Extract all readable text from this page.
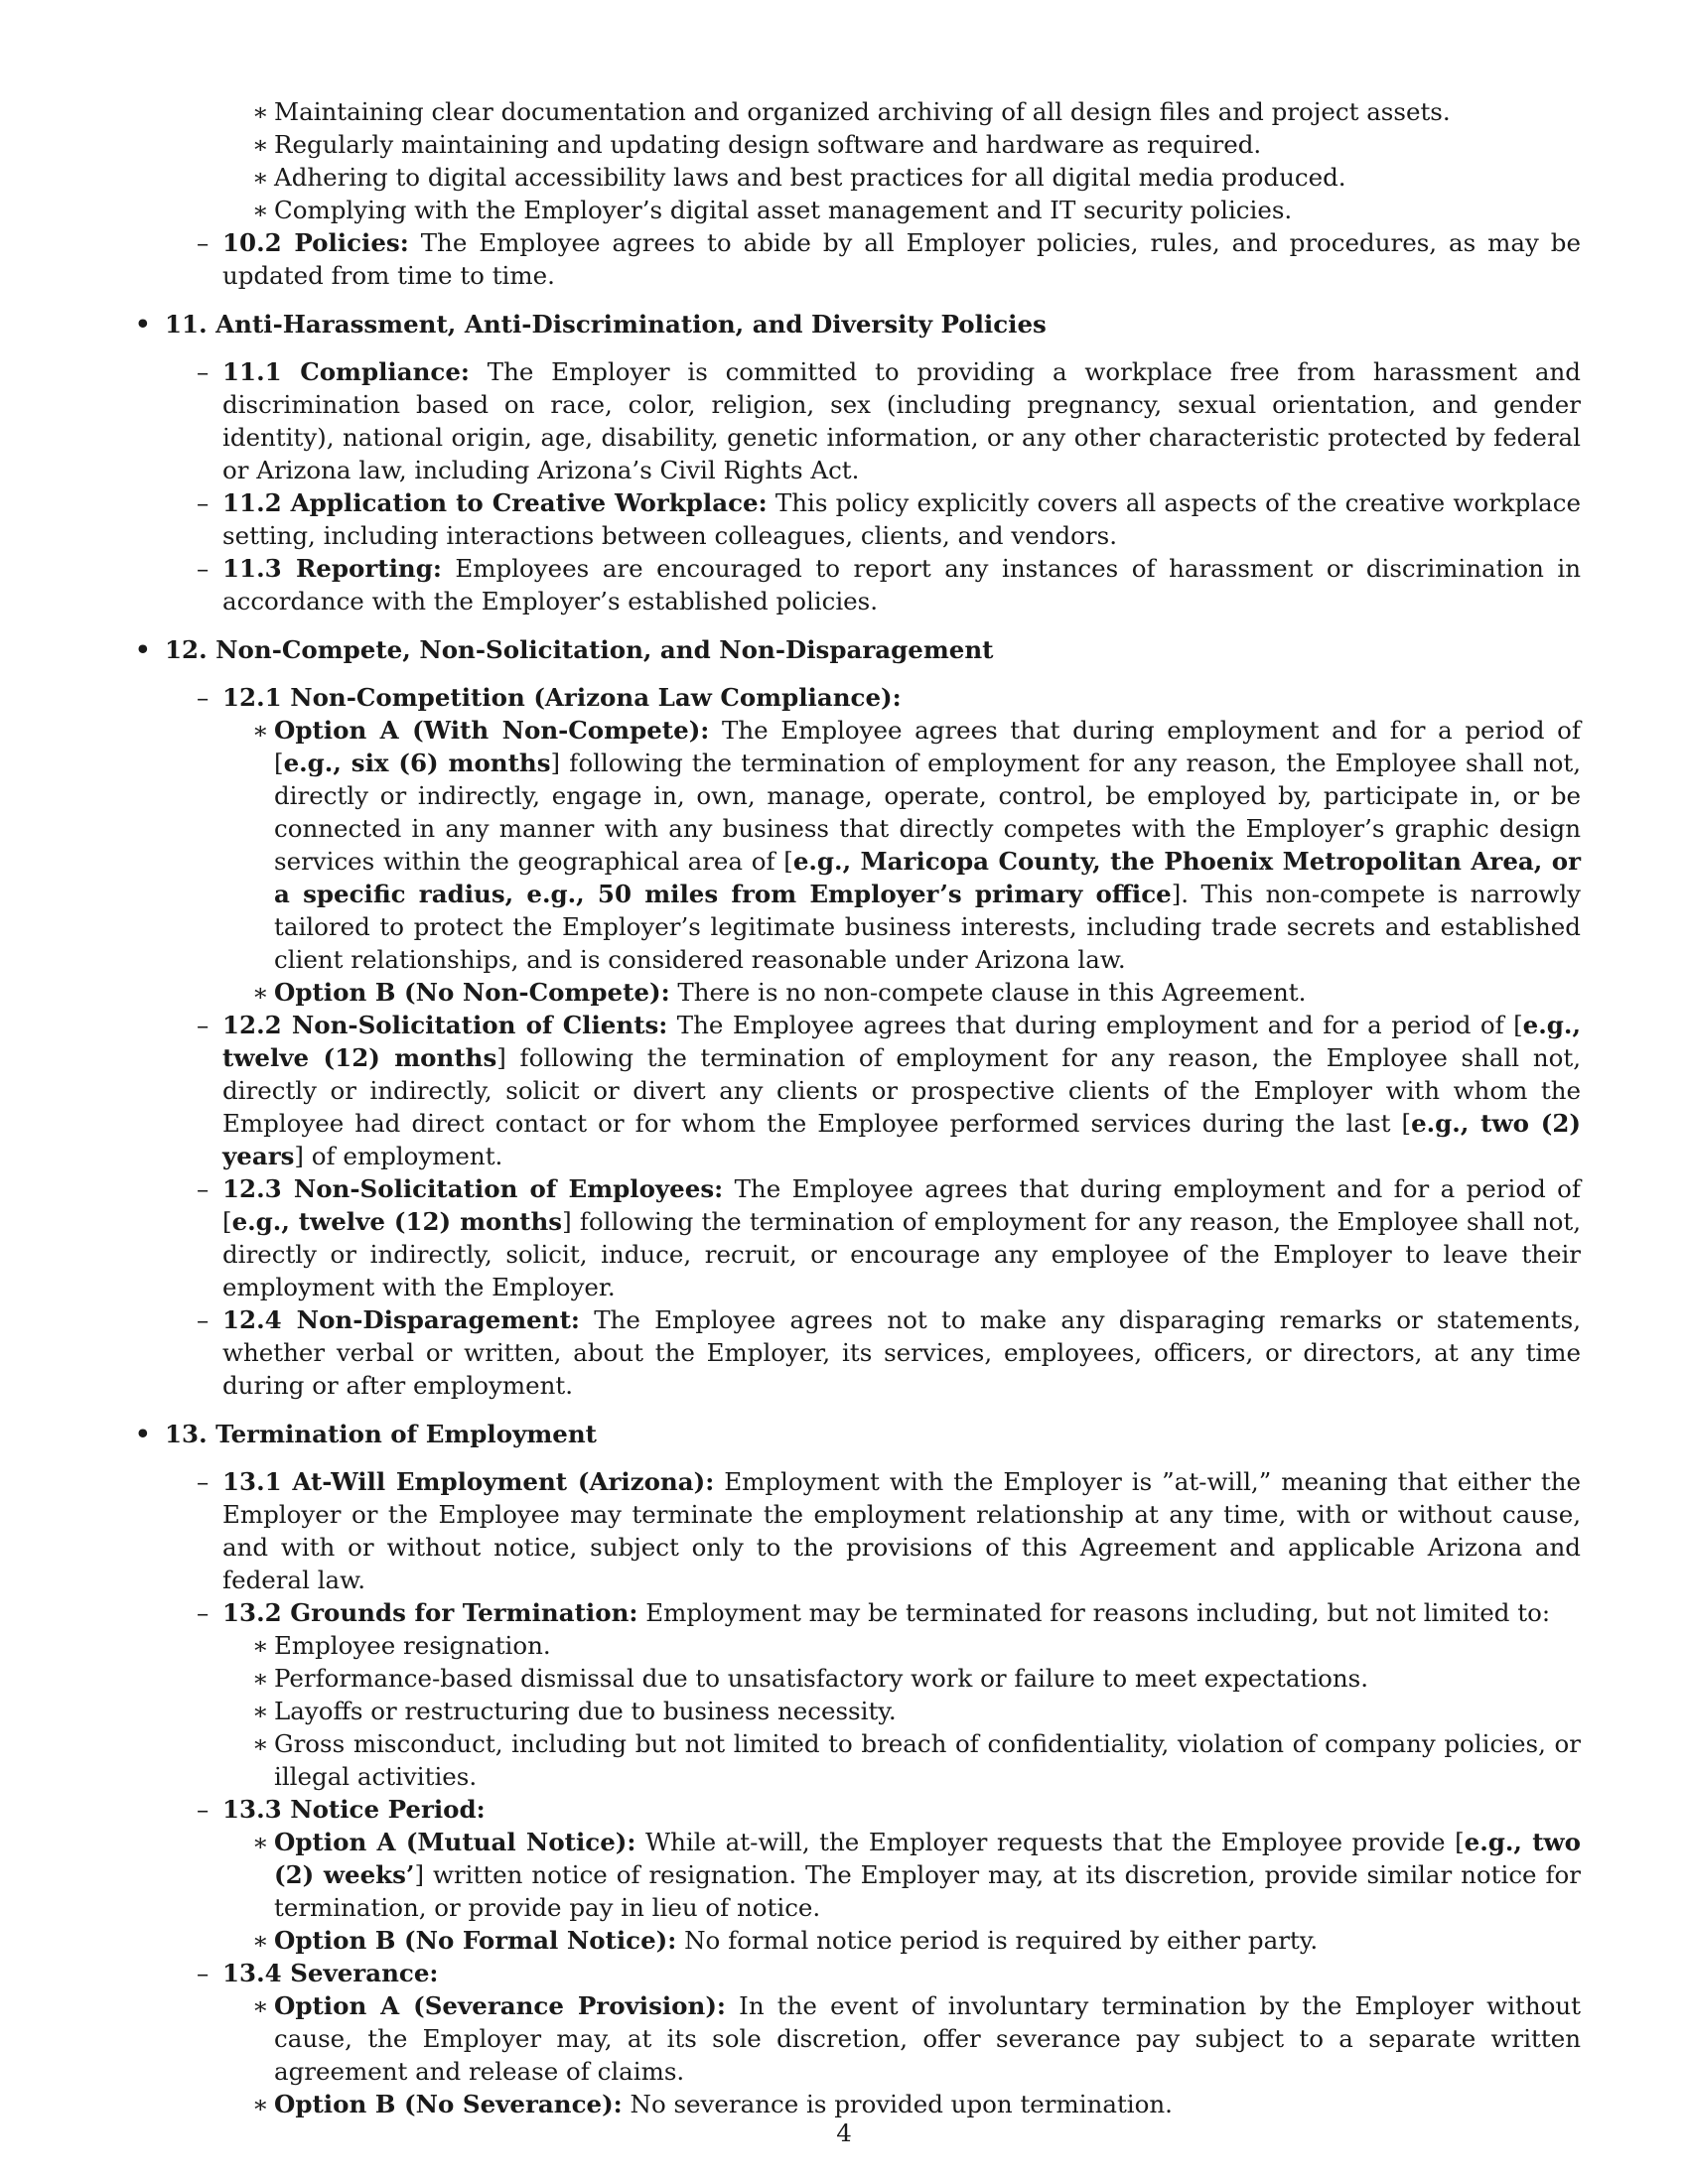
∗ Maintaining clear documentation and organized archiving of all design files and project assets.
∗ Regularly maintaining and updating design software and hardware as required.
∗ Adhering to digital accessibility laws and best practices for all digital media produced.
∗ Complying with the Employer’s digital asset management and IT security policies.
– 10.2 Policies: The Employee agrees to abide by all Employer policies, rules, and procedures, as may be updated from time to time.
• 11. Anti-Harassment, Anti-Discrimination, and Diversity Policies
– 11.1 Compliance: The Employer is committed to providing a workplace free from harassment and discrimination based on race, color, religion, sex (including pregnancy, sexual orientation, and gender identity), national origin, age, disability, genetic information, or any other characteristic protected by federal or Arizona law, including Arizona’s Civil Rights Act.
– 11.2 Application to Creative Workplace: This policy explicitly covers all aspects of the creative workplace setting, including interactions between colleagues, clients, and vendors.
– 11.3 Reporting: Employees are encouraged to report any instances of harassment or discrimination in accordance with the Employer’s established policies.
• 12. Non-Compete, Non-Solicitation, and Non-Disparagement
– 12.1 Non-Competition (Arizona Law Compliance):
∗ Option A (With Non-Compete): The Employee agrees that during employment and for a period of [e.g., six (6) months] following the termination of employment for any reason, the Employee shall not, directly or indirectly, engage in, own, manage, operate, control, be employed by, participate in, or be connected in any manner with any business that directly competes with the Employer’s graphic design services within the geographical area of [e.g., Maricopa County, the Phoenix Metropolitan Area, or a specific radius, e.g., 50 miles from Employer’s primary office]. This non-compete is narrowly tailored to protect the Employer’s legitimate business interests, including trade secrets and established client relationships, and is considered reasonable under Arizona law.
∗ Option B (No Non-Compete): There is no non-compete clause in this Agreement.
– 12.2 Non-Solicitation of Clients: The Employee agrees that during employment and for a period of [e.g., twelve (12) months] following the termination of employment for any reason, the Employee shall not, directly or indirectly, solicit or divert any clients or prospective clients of the Employer with whom the Employee had direct contact or for whom the Employee performed services during the last [e.g., two (2) years] of employment.
– 12.3 Non-Solicitation of Employees: The Employee agrees that during employment and for a period of [e.g., twelve (12) months] following the termination of employment for any reason, the Employee shall not, directly or indirectly, solicit, induce, recruit, or encourage any employee of the Employer to leave their employment with the Employer.
– 12.4 Non-Disparagement: The Employee agrees not to make any disparaging remarks or statements, whether verbal or written, about the Employer, its services, employees, officers, or directors, at any time during or after employment.
• 13. Termination of Employment
– 13.1 At-Will Employment (Arizona): Employment with the Employer is ”at-will,” meaning that either the Employer or the Employee may terminate the employment relationship at any time, with or without cause, and with or without notice, subject only to the provisions of this Agreement and applicable Arizona and federal law.
– 13.2 Grounds for Termination: Employment may be terminated for reasons including, but not limited to:
∗ Employee resignation.
∗ Performance-based dismissal due to unsatisfactory work or failure to meet expectations.
∗ Layoffs or restructuring due to business necessity.
∗ Gross misconduct, including but not limited to breach of confidentiality, violation of company policies, or illegal activities.
– 13.3 Notice Period:
∗ Option A (Mutual Notice): While at-will, the Employer requests that the Employee provide [e.g., two (2) weeks’] written notice of resignation. The Employer may, at its discretion, provide similar notice for termination, or provide pay in lieu of notice.
∗ Option B (No Formal Notice): No formal notice period is required by either party.
– 13.4 Severance:
∗ Option A (Severance Provision): In the event of involuntary termination by the Employer without cause, the Employer may, at its sole discretion, offer severance pay subject to a separate written agreement and release of claims.
∗ Option B (No Severance): No severance is provided upon termination.
4
